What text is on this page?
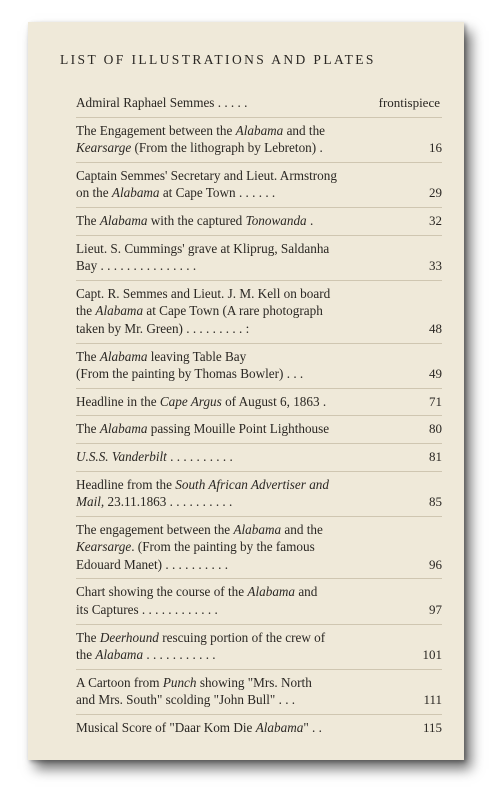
LIST OF ILLUSTRATIONS AND PLATES
Admiral Raphael Semmes . . . . .	frontispiece
The Engagement between the Alabama and the
Kearsarge (From the lithograph by Lebreton) .	16
Captain Semmes' Secretary and Lieut. Armstrong
on the Alabama at Cape Town . . . . . .	29
The Alabama with the captured Tonowanda .	32
Lieut. S. Cummings' grave at Kliprug, Saldanha
Bay . . . . . . . . . . . . . . .	33
Capt. R. Semmes and Lieut. J. M. Kell on board
the Alabama at Cape Town (A rare photograph
taken by Mr. Green) . . . . . . . . . :	48
The Alabama leaving Table Bay
(From the painting by Thomas Bowler) . . .	49
Headline in the Cape Argus of August 6, 1863 .	71
The Alabama passing Mouille Point Lighthouse	80
U.S.S. Vanderbilt . . . . . . . . . .	81
Headline from the South African Advertiser and
Mail, 23.11.1863 . . . . . . . . . .	85
The engagement between the Alabama and the
Kearsarge. (From the painting by the famous
Edouard Manet) . . . . . . . . . .	96
Chart showing the course of the Alabama and
its Captures . . . . . . . . . . . .	97
The Deerhound rescuing portion of the crew of
the Alabama . . . . . . . . . . .	101
A Cartoon from Punch showing "Mrs. North
and Mrs. South" scolding "John Bull" . . .	111
Musical Score of "Daar Kom Die Alabama" . .	115
